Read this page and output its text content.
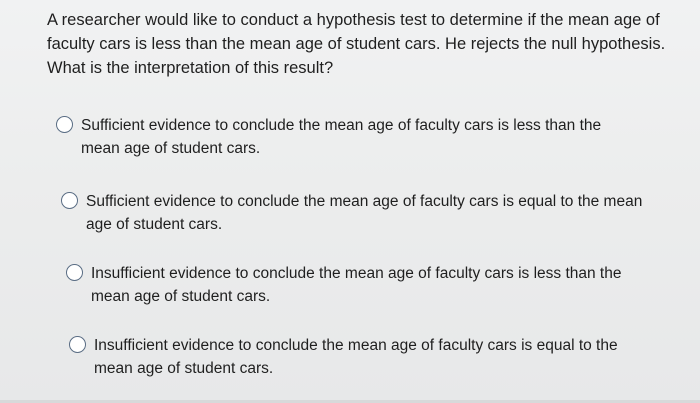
A researcher would like to conduct a hypothesis test to determine if the mean age of faculty cars is less than the mean age of student cars. He rejects the null hypothesis. What is the interpretation of this result?

Sufficient evidence to conclude the mean age of faculty cars is less than the mean age of student cars.
Sufficient evidence to conclude the mean age of faculty cars is equal to the mean age of student cars.
Insufficient evidence to conclude the mean age of faculty cars is less than the mean age of student cars.
Insufficient evidence to conclude the mean age of faculty cars is equal to the mean age of student cars.
